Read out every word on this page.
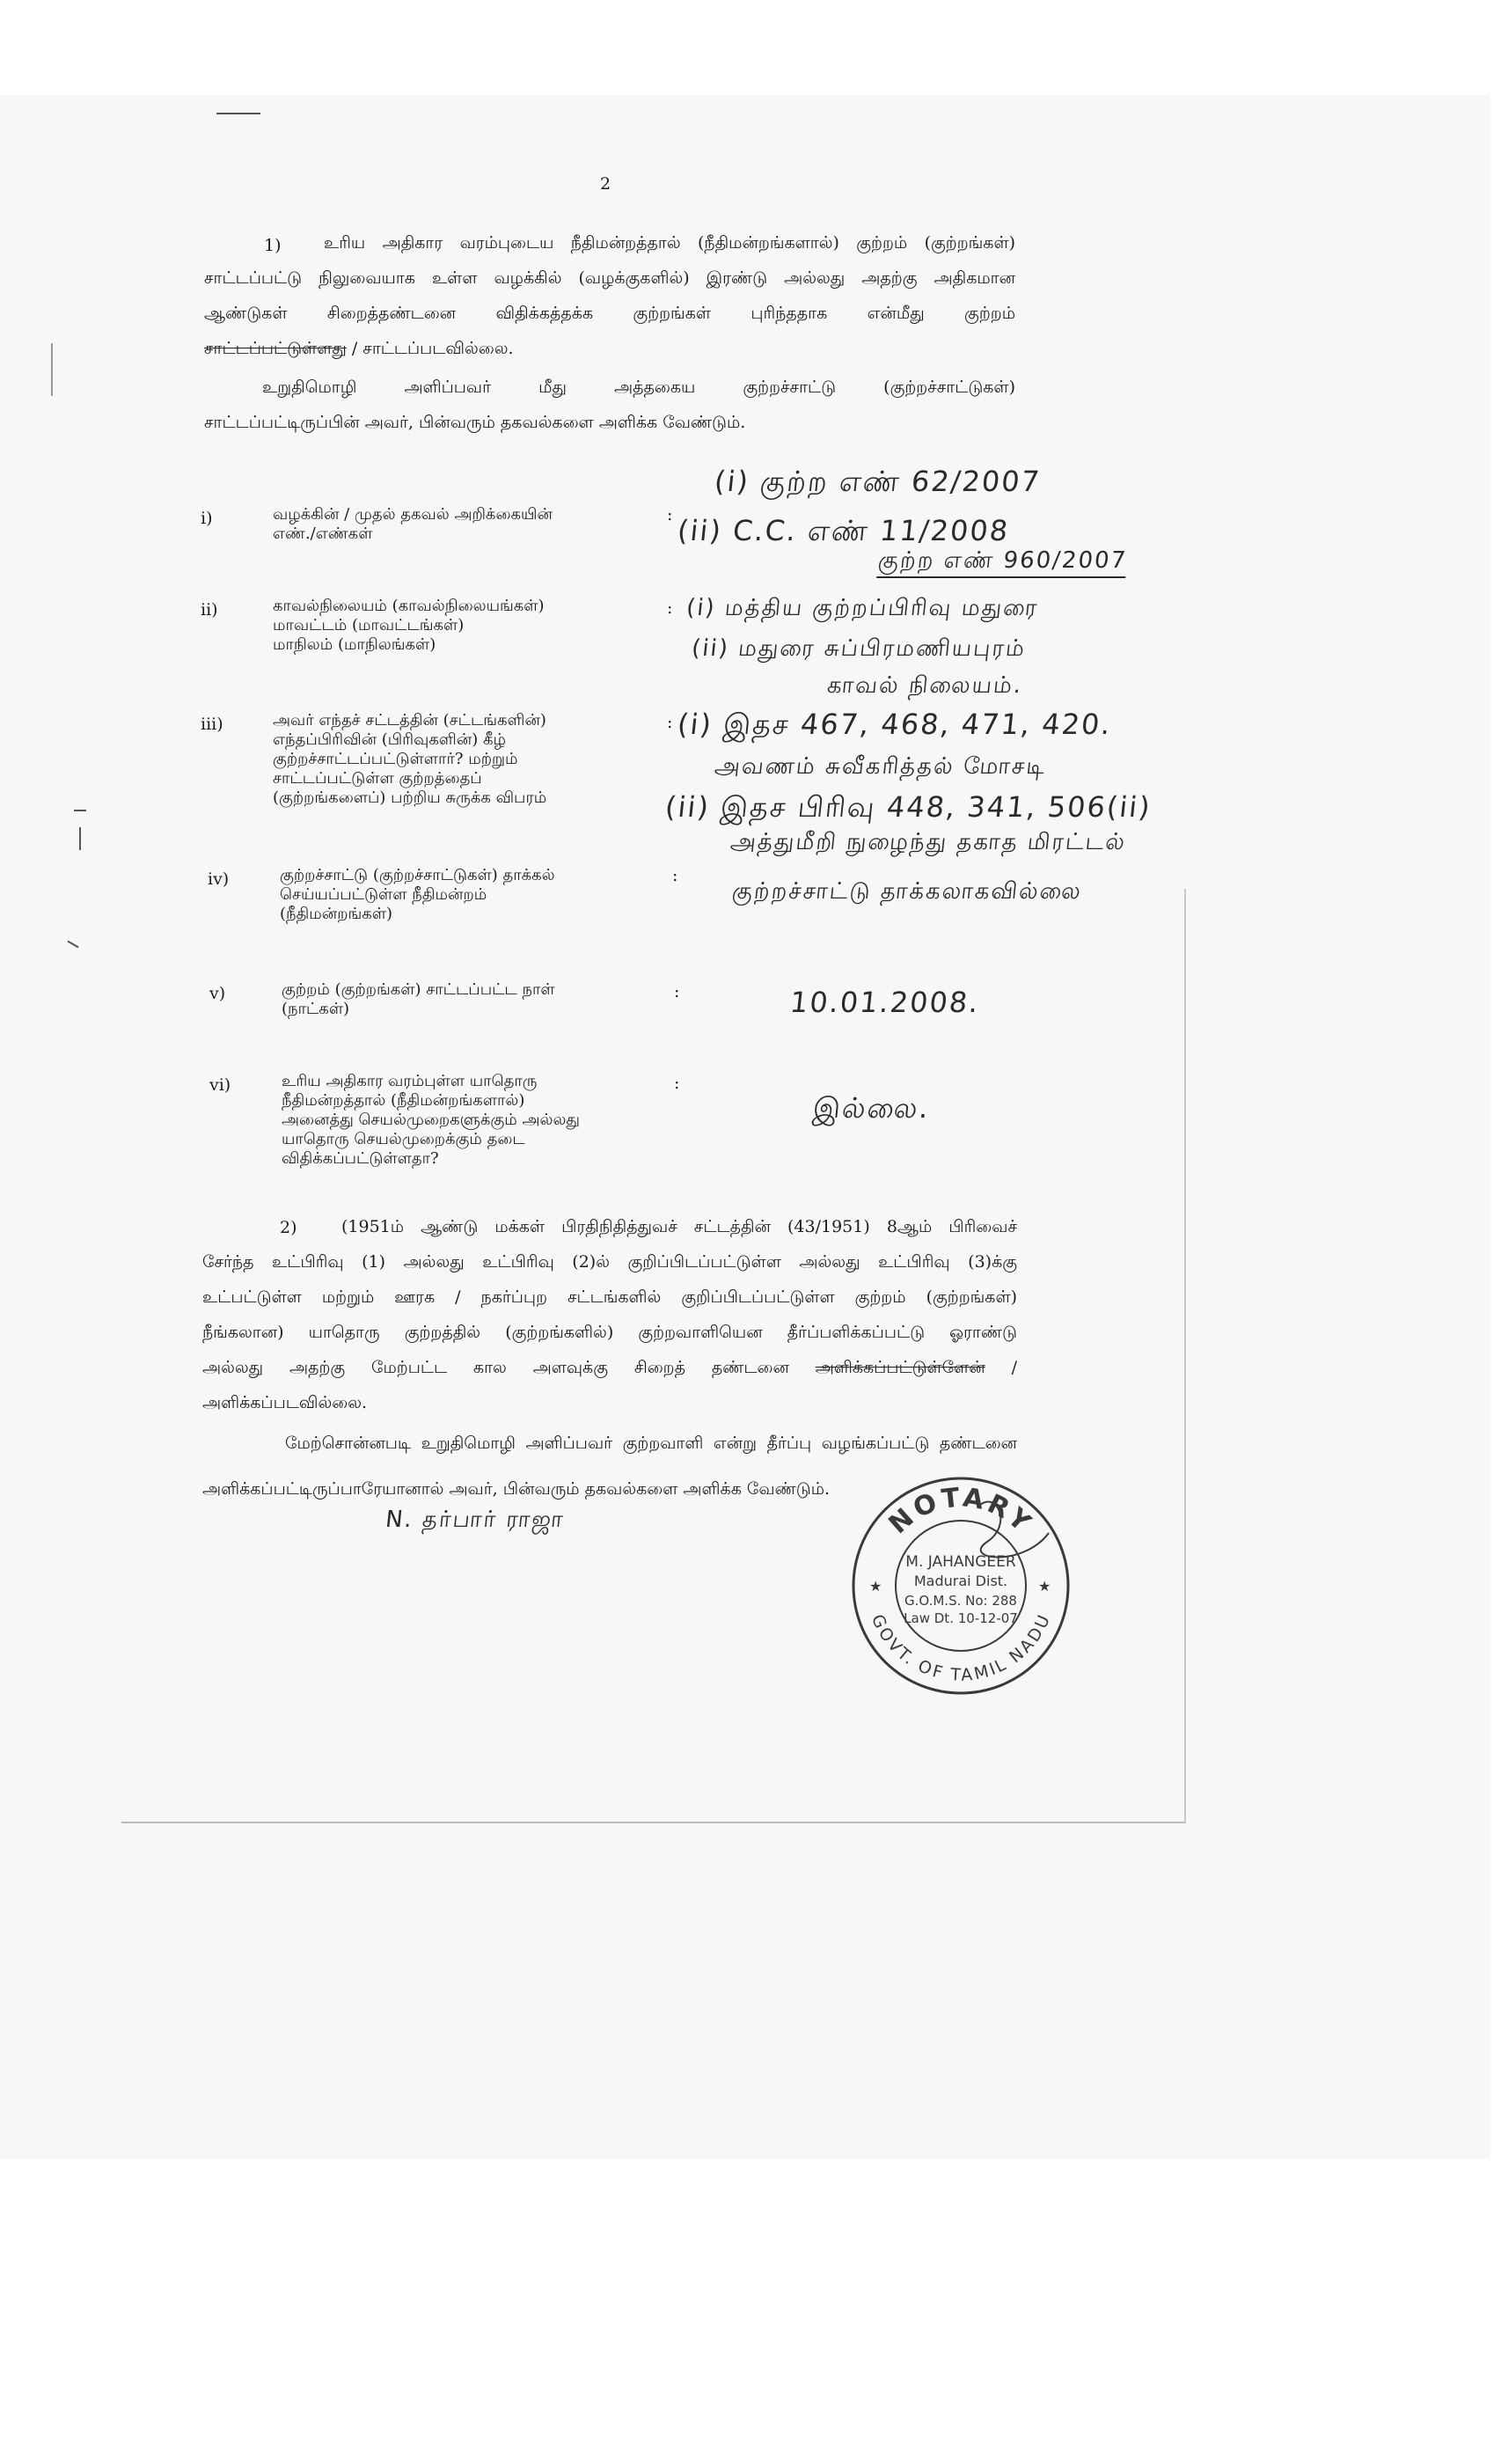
2
1)	உரிய அதிகார வரம்புடைய நீதிமன்றத்தால் (நீதிமன்றங்களால்) குற்றம் (குற்றங்கள்)
சாட்டப்பட்டு நிலுவையாக உள்ள வழக்கில் (வழக்குகளில்) இரண்டு அல்லது அதற்கு அதிகமான
ஆண்டுகள் சிறைத்தண்டனை விதிக்கத்தக்க குற்றங்கள் புரிந்ததாக என்மீது குற்றம்
சாட்டப்பட்டுள்ளது / சாட்டப்படவில்லை.
உறுதிமொழி அளிப்பவர் மீது அத்தகைய குற்றச்சாட்டு (குற்றச்சாட்டுகள்)
சாட்டப்பட்டிருப்பின் அவர், பின்வரும் தகவல்களை அளிக்க வேண்டும்.
i)	வழக்கின் / முதல் தகவல் அறிக்கையின்
எண்./எண்கள்
:
(i) குற்ற எண் 62/2007
(ii) C.C. எண் 11/2008
குற்ற எண் 960/2007
ii)	காவல்நிலையம் (காவல்நிலையங்கள்)
மாவட்டம் (மாவட்டங்கள்)
மாநிலம் (மாநிலங்கள்)
: (i) மத்திய குற்றப்பிரிவு மதுரை
(ii) மதுரை சுப்பிரமணியபுரம்
காவல் நிலையம்.
iii)	அவர் எந்தச் சட்டத்தின் (சட்டங்களின்)
எந்தப்பிரிவின் (பிரிவுகளின்) கீழ்
குற்றச்சாட்டப்பட்டுள்ளார்? மற்றும்
சாட்டப்பட்டுள்ள குற்றத்தைப்
(குற்றங்களைப்) பற்றிய சுருக்க விபரம்
: (i) இதச 467, 468, 471, 420.
அவணம் சுவீகரித்தல் மோசடி
(ii) இதச பிரிவு 448, 341, 506(ii)
அத்துமீறி நுழைந்து தகாத மிரட்டல்
iv)	குற்றச்சாட்டு (குற்றச்சாட்டுகள்) தாக்கல்
செய்யப்பட்டுள்ள நீதிமன்றம்
(நீதிமன்றங்கள்)
:
குற்றச்சாட்டு தாக்கலாகவில்லை
v)	குற்றம் (குற்றங்கள்) சாட்டப்பட்ட நாள்
(நாட்கள்)
:	10.01.2008.
vi)	உரிய அதிகார வரம்புள்ள யாதொரு
நீதிமன்றத்தால் (நீதிமன்றங்களால்)
அனைத்து செயல்முறைகளுக்கும் அல்லது
யாதொரு செயல்முறைக்கும் தடை
விதிக்கப்பட்டுள்ளதா?
:
இல்லை.
2)	(1951ம் ஆண்டு மக்கள் பிரதிநிதித்துவச் சட்டத்தின் (43/1951) 8ஆம் பிரிவைச்
சேர்ந்த உட்பிரிவு (1) அல்லது உட்பிரிவு (2)ல் குறிப்பிடப்பட்டுள்ள அல்லது உட்பிரிவு (3)க்கு
உட்பட்டுள்ள மற்றும் ஊரக / நகர்ப்புற சட்டங்களில் குறிப்பிடப்பட்டுள்ள குற்றம் (குற்றங்கள்)
நீங்கலான) யாதொரு குற்றத்தில் (குற்றங்களில்) குற்றவாளியென தீர்ப்பளிக்கப்பட்டு ஓராண்டு
அல்லது அதற்கு மேற்பட்ட கால அளவுக்கு சிறைத் தண்டனை அளிக்கப்பட்டுள்ளேன் /
அளிக்கப்படவில்லை.
மேற்சொன்னபடி உறுதிமொழி அளிப்பவர் குற்றவாளி என்று தீர்ப்பு வழங்கப்பட்டு தண்டனை
அளிக்கப்பட்டிருப்பாரேயானால் அவர், பின்வரும் தகவல்களை அளிக்க வேண்டும்.
N. தர்பார் ராஜா	NOTARY
GOVT. OF TAMIL NADU
★	★
M. JAHANGEER
Madurai Dist.
G.O.M.S. No: 288
Law Dt. 10-12-07
